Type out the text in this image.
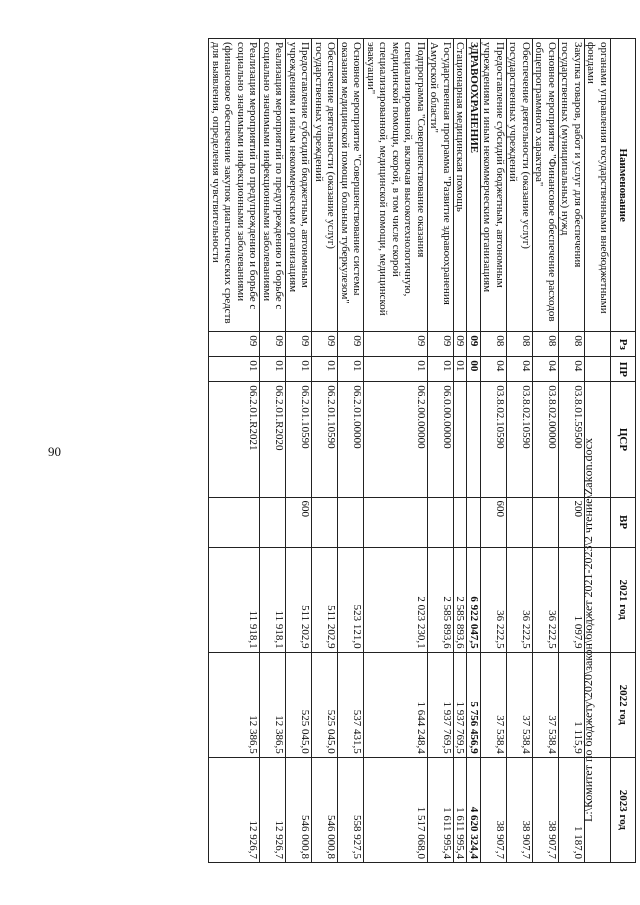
90
Наименование	Рз	ПР	ЦСР	ВР	2021 год	2022 год	2023 год
органами управления государственными внебюджетными фондами							
Закупка товаров, работ и услуг для обеспечения государственных (муниципальных) нужд	08	04	03.8.01.59500	200	1 097,9	1 115,9	1 187,0
Основное мероприятие "Финансовое обеспечение расходов общепрограммного характера"	08	04	03.8.02.00000		36 222,5	37 538,4	38 907,7
Обеспечение деятельности (оказание услуг) государственных учреждений	08	04	03.8.02.10590		36 222,5	37 538,4	38 907,7
Предоставление субсидий бюджетным, автономным учреждениям и иным некоммерческим организациям	08	04	03.8.02.10590	600	36 222,5	37 538,4	38 907,7
ЗДРАВООХРАНЕНИЕ	09	00			6 922 047,5	5 756 456,9	4 620 324,4
Стационарная медицинская помощь	09	01			2 585 893,6	1 937 769,5	1 611 995,4
Государственная программа "Развитие здравоохранения Амурской области"	09	01	06.0.00.00000		2 585 893,6	1 937 769,5	1 611 995,4
Подпрограмма "Совершенствование оказания специализированной, включая высокотехнологичную, медицинской помощи, скорой, в том числе скорой специализированной, медицинской помощи, медицинской эвакуации"	09	01	06.2.00.00000		2 023 230,1	1 644 248,4	1 517 068,0
Основное мероприятие "Совершенствование системы оказания медицинской помощи больным туберкулезом"	09	01	06.2.01.00000		523 121,0	537 431,5	558 927,5
Обеспечение деятельности (оказание услуг) государственных учреждений	09	01	06.2.01.10590		511 202,9	525 045,0	546 000,8
Предоставление субсидий бюджетным, автономным учреждениям и иным некоммерческим организациям	09	01	06.2.01.10590	600	511 202,9	525 045,0	546 000,8
Реализация мероприятий по предупреждению и борьбе с социально значимыми инфекционными заболеваниями	09	01	06.2.01.R2020		11 918,1	12 386,5	12 926,7
Реализация мероприятий по предупреждению и борьбе с социально значимыми инфекционными заболеваниями (финансовое обеспечение закупок диагностических средств для выявления, определения чувствительности	09	01	06.2.01.R2021		11 918,1	12 386,5	12 926,7
L:\Комитет по бюджету\2020\закон\бюджет 2021-2023\2 чтение\Zakon.docx
